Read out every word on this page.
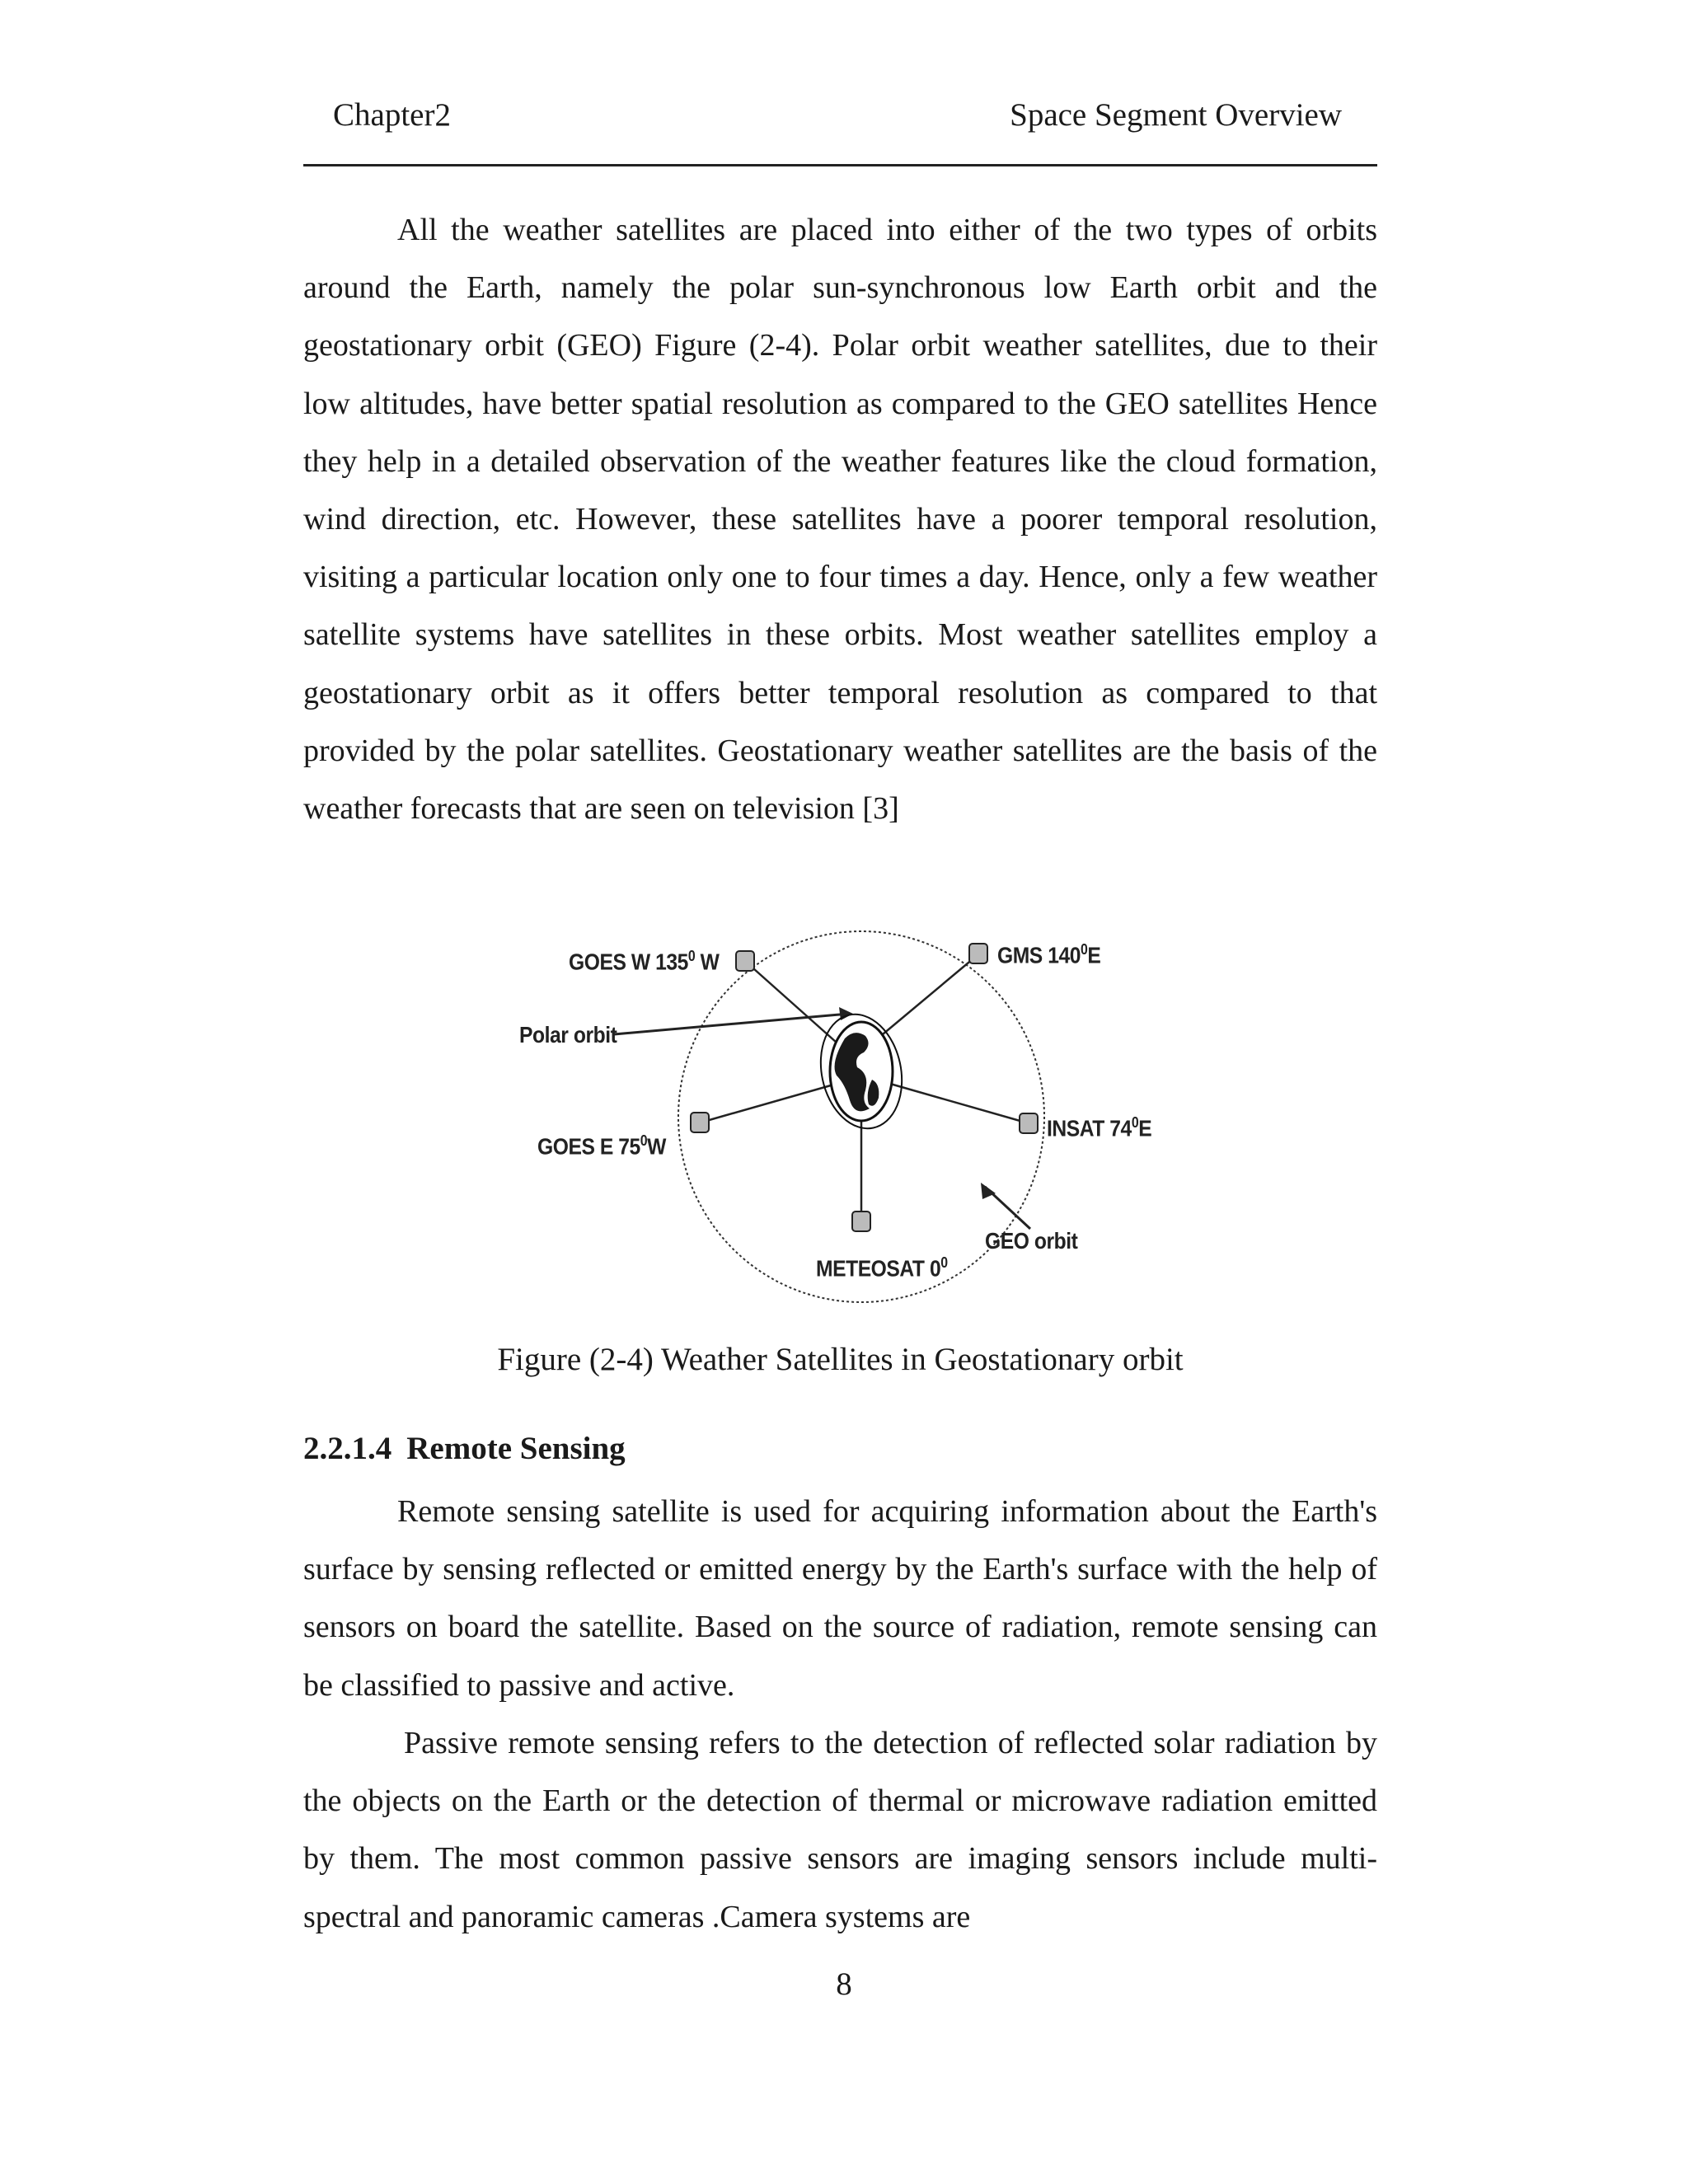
Chapter2	Space Segment Overview

All the weather satellites are placed into either of the two types of orbits around the Earth, namely the polar sun-synchronous low Earth orbit and the geostationary orbit (GEO) Figure (2-4). Polar orbit weather satellites, due to their low altitudes, have better spatial resolution as compared to the GEO satellites Hence they help in a detailed observation of the weather features like the cloud formation, wind direction, etc. However, these satellites have a poorer temporal resolution, visiting a particular location only one to four times a day. Hence, only a few weather satellite systems have satellites in these orbits. Most weather satellites employ a geostationary orbit as it offers better temporal resolution as compared to that provided by the polar satellites. Geostationary weather satellites are the basis of the weather forecasts that are seen on television [3]

GOES W $135^0$ W	GMS $140^0E$
Polar orbit
GOES E $75^0W$
INSAT $74^0E$
GEO orbit
METEOSAT $0^0$
Figure (2-4) Weather Satellites in Geostationary orbit
2.2.1.4 Remote Sensing

Remote sensing satellite is used for acquiring information about the Earth's surface by sensing reflected or emitted energy by the Earth's surface with the help of sensors on board the satellite. Based on the source of radiation, remote sensing can be classified to passive and active.

Passive remote sensing refers to the detection of reflected solar radiation by the objects on the Earth or the detection of thermal or microwave radiation emitted by them. The most common passive sensors are imaging sensors include multi-spectral and panoramic cameras .Camera systems are

8
